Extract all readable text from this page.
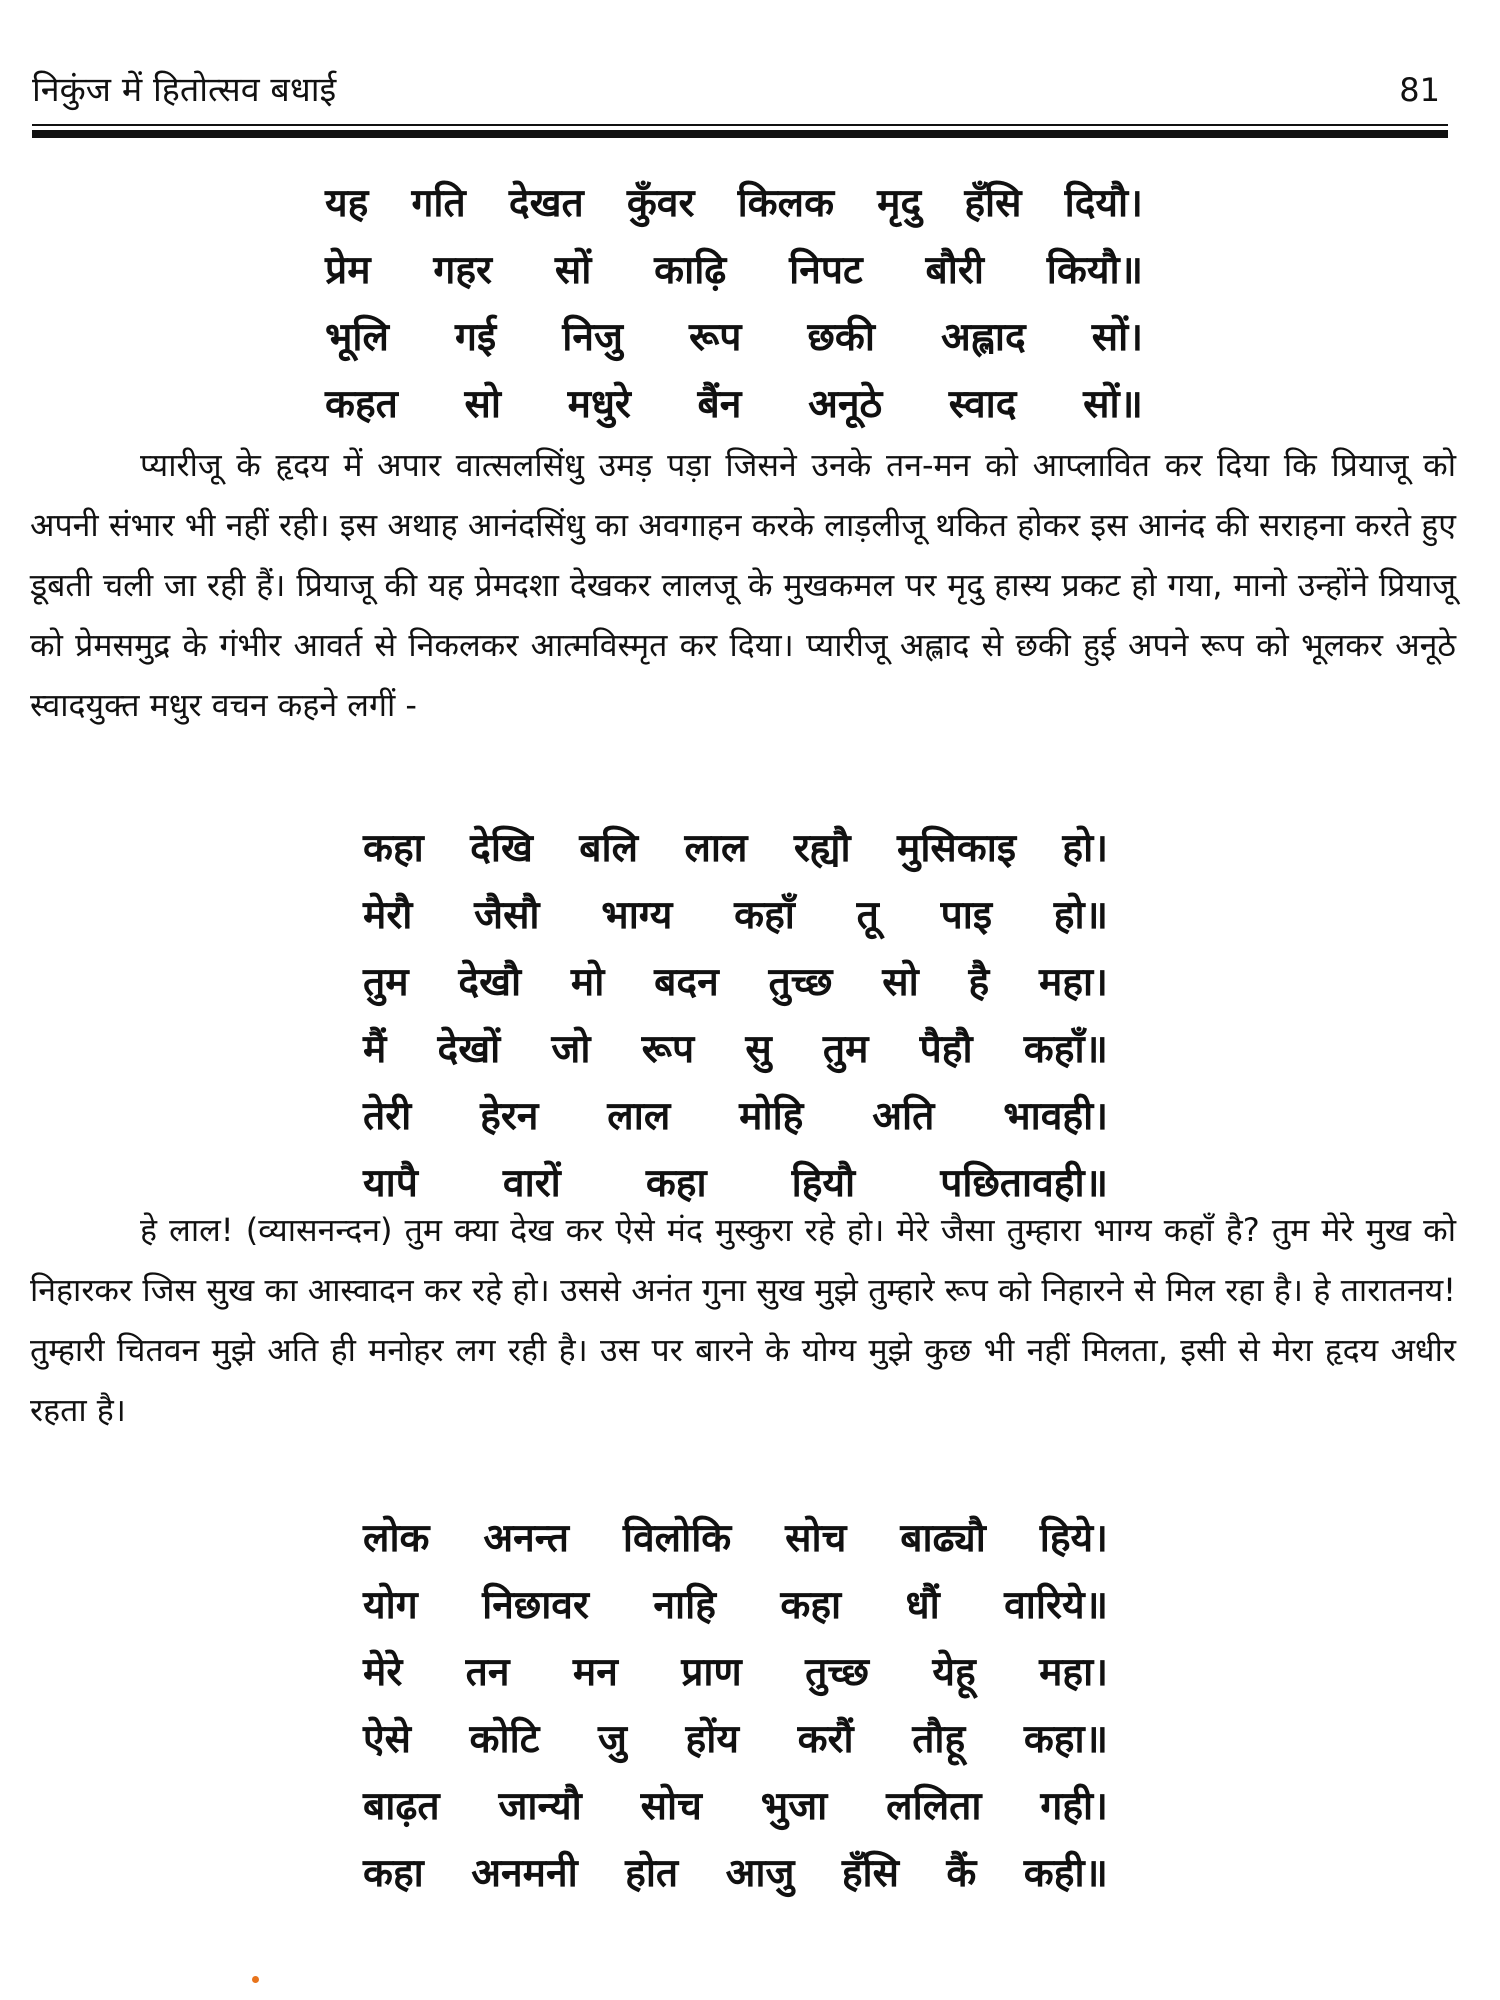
निकुंज में हितोत्सव बधाई	81
यह गति देखत कुँवर किलक मृदु हँसि दियौ।
प्रेम गहर सों काढ़ि निपट बौरी कियौ॥
भूलि गई निजु रूप छकी अह्लाद सों।
कहत सो मधुरे बैंन अनूठे स्वाद सों॥

प्यारीजू के हृदय में अपार वात्सलसिंधु उमड़ पड़ा जिसने उनके तन-मन को आप्लावित कर दिया कि प्रियाजू को अपनी संभार भी नहीं रही। इस अथाह आनंदसिंधु का अवगाहन करके लाड़लीजू थकित होकर इस आनंद की सराहना करते हुए डूबती चली जा रही हैं। प्रियाजू की यह प्रेमदशा देखकर लालजू के मुखकमल पर मृदु हास्य प्रकट हो गया, मानो उन्होंने प्रियाजू को प्रेमसमुद्र के गंभीर आवर्त से निकलकर आत्मविस्मृत कर दिया। प्यारीजू अह्लाद से छकी हुई अपने रूप को भूलकर अनूठे स्वादयुक्त मधुर वचन कहने लगीं -

कहा देखि बलि लाल रह्यौ मुसिकाइ हो।
मेरौ जैसौ भाग्य कहाँ तू पाइ हो॥
तुम देखौ मो बदन तुच्छ सो है महा।
मैं देखों जो रूप सु तुम पैहौ कहाँ॥
तेरी हेरन लाल मोहि अति भावही।
यापै वारों कहा हियौ पछितावही॥

हे लाल! (व्यासनन्दन) तुम क्या देख कर ऐसे मंद मुस्कुरा रहे हो। मेरे जैसा तुम्हारा भाग्य कहाँ है? तुम मेरे मुख को निहारकर जिस सुख का आस्वादन कर रहे हो। उससे अनंत गुना सुख मुझे तुम्हारे रूप को निहारने से मिल रहा है। हे तारातनय! तुम्हारी चितवन मुझे अति ही मनोहर लग रही है। उस पर बारने के योग्य मुझे कुछ भी नहीं मिलता, इसी से मेरा हृदय अधीर रहता है।

लोक अनन्त विलोकि सोच बाढ्यौ हिये।
योग निछावर नाहि कहा धौं वारिये॥
मेरे तन मन प्राण तुच्छ येहू महा।
ऐसे कोटि जु होंय करौं तौहू कहा॥
बाढ़त जान्यौ सोच भुजा ललिता गही।
कहा अनमनी होत आजु हँसि कैं कही॥
